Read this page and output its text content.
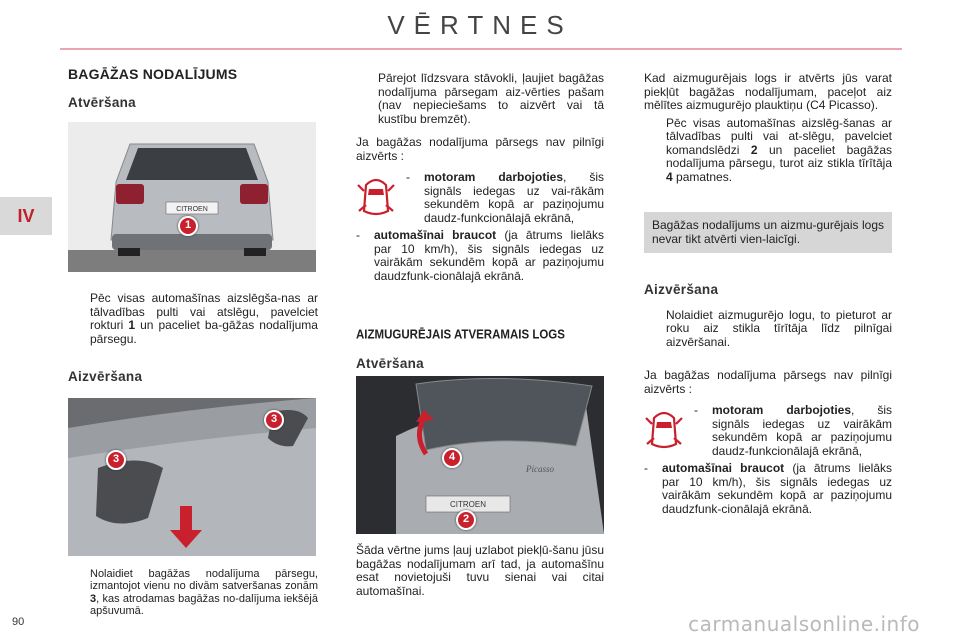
VĒRTNES
IV
90	carmanualsonline.info
BAGĀŽAS NODALĪJUMS
Atvēršana
CITROEN
1
Pēc visas automašīnas aizslēgša-nas ar tālvadības pulti vai atslēgu, pavelciet rokturi 1 un paceliet ba-gāžas nodalījuma pārsegu.
Aizvēršana
3
3
Nolaidiet bagāžas nodalījuma pārsegu, izmantojot vienu no divām satveršanas zonām 3, kas atrodamas bagāžas no-dalījuma iekšējā apšuvumā.
Pārejot līdzsvara stāvokli, ļaujiet bagāžas nodalījuma pārsegam aiz-vērties pašam (nav nepieciešams to aizvērt vai tā kustību bremzēt).
Ja bagāžas nodalījuma pārsegs nav pilnīgi aizvērts :
-	motoram darbojoties, šis signāls iedegas uz vai-rākām sekundēm kopā ar paziņojumu daudz-funkcionālajā ekrānā,
-	automašīnai braucot (ja ātrums lielāks par 10 km/h), šis signāls iedegas uz vairākām sekundēm kopā ar paziņojumu daudzfunk-cionālajā ekrānā.
AIZMUGURĒJAIS ATVERAMAIS LOGS
Atvēršana
CITROEN
Picasso
4
2
Šāda vērtne jums ļauj uzlabot piekļū-šanu jūsu bagāžas nodalījumam arī tad, ja automašīnu esat novietojuši tuvu sienai vai citai automašīnai.
Kad aizmugurējais logs ir atvērts jūs varat piekļūt bagāžas nodalījumam, paceļot aiz mēlītes aizmugurējo plauktiņu (C4 Picasso).
Pēc visas automašīnas aizslēg-šanas ar tālvadības pulti vai at-slēgu, pavelciet komandslēdzi 2 un paceliet bagāžas nodalījuma pārsegu, turot aiz stikla tīrītāja 4 pamatnes.
Bagāžas nodalījums un aizmu-gurējais logs nevar tikt atvērti vien-laicīgi.
Aizvēršana
Nolaidiet aizmugurējo logu, to pieturot ar roku aiz stikla tīrītāja līdz pilnīgai aizvēršanai.
Ja bagāžas nodalījuma pārsegs nav pilnīgi aizvērts :
-	motoram darbojoties, šis signāls iedegas uz vairākām sekundēm kopā ar paziņojumu daudz-funkcionālajā ekrānā,
-	automašīnai braucot (ja ātrums lielāks par 10 km/h), šis signāls iedegas uz vairākām sekundēm kopā ar paziņojumu daudzfunk-cionālajā ekrānā.
